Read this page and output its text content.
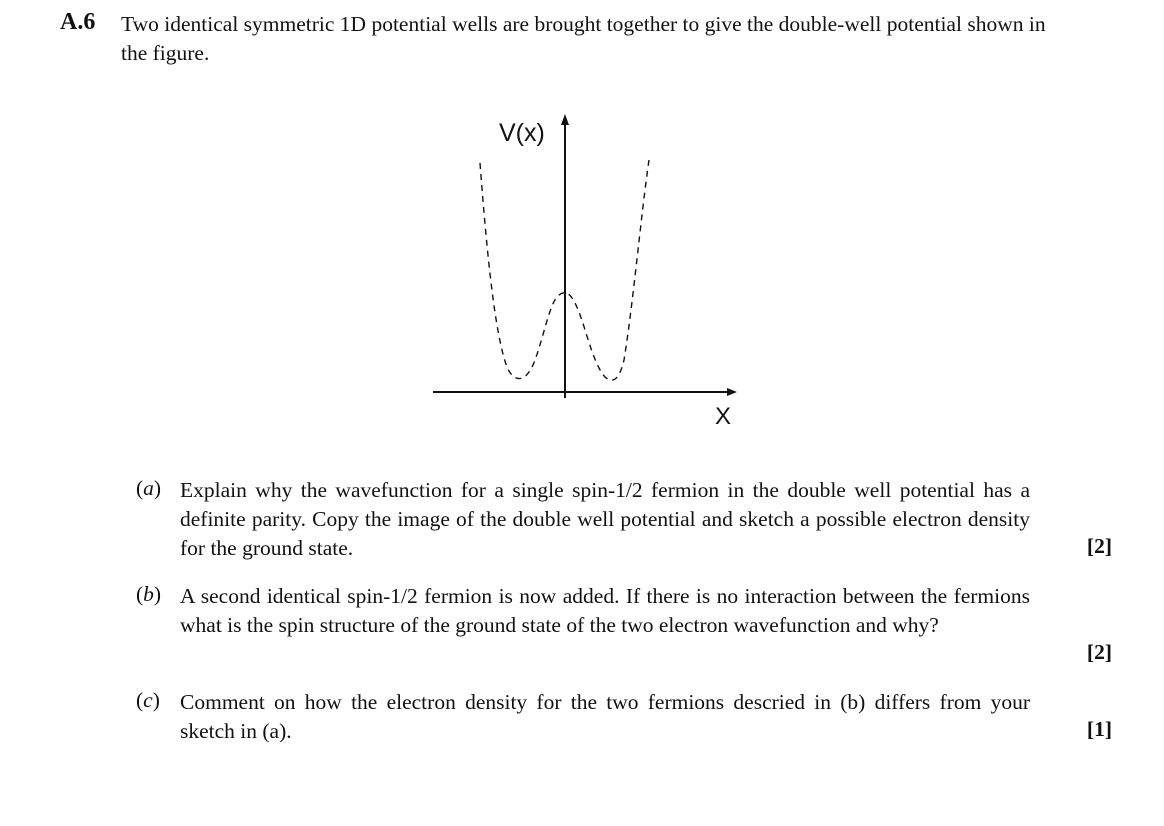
A.6 Two identical symmetric 1D potential wells are brought together to give the double-well potential shown in the figure.
V(x)
X
(a) Explain why the wavefunction for a single spin-1/2 fermion in the double well potential has a definite parity. Copy the image of the double well potential and sketch a possible electron density for the ground state.	[2]
(b) A second identical spin-1/2 fermion is now added. If there is no interaction between the fermions what is the spin structure of the ground state of the two electron wavefunction and why?
[2]
(c) Comment on how the electron density for the two fermions descried in (b) differs from your sketch in (a).	[1]
